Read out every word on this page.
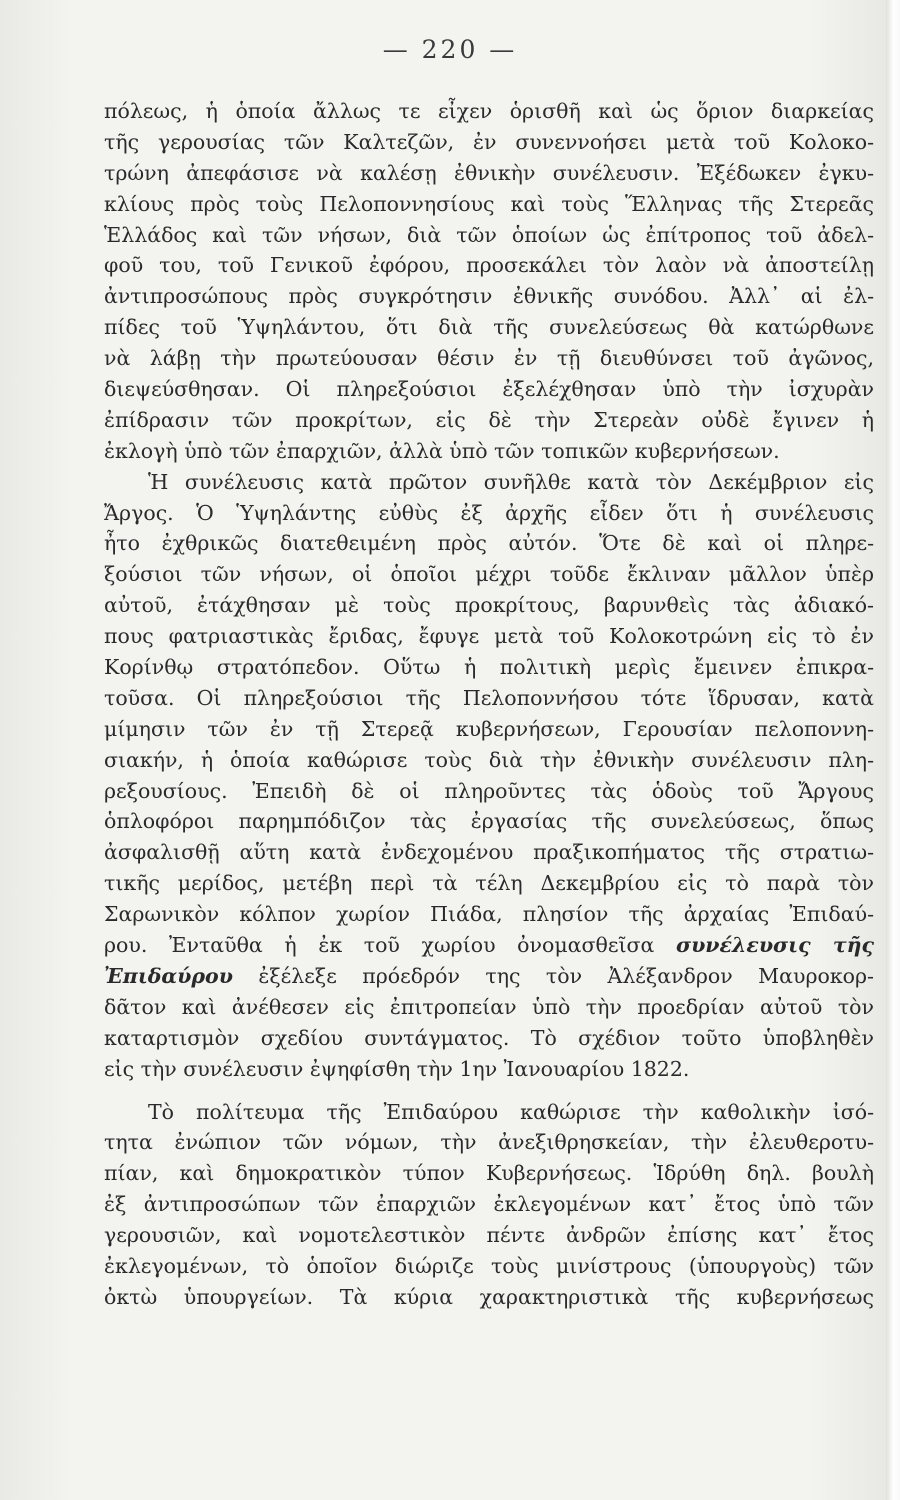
— 220 —
πόλεως, ἡ ὁποία ἄλλως τε εἶχεν ὁρισθῆ καὶ ὡς ὅριον διαρκείας
τῆς γερουσίας τῶν Καλτεζῶν, ἐν συνεννοήσει μετὰ τοῦ Κολοκο-
τρώνη ἀπεφάσισε νὰ καλέσῃ ἐθνικὴν συνέλευσιν. Ἐξέδωκεν ἐγκυ-
κλίους πρὸς τοὺς Πελοποννησίους καὶ τοὺς Ἕλληνας τῆς Στερεᾶς
Ἑλλάδος καὶ τῶν νήσων, διὰ τῶν ὁποίων ὡς ἐπίτροπος τοῦ ἀδελ-
φοῦ του, τοῦ Γενικοῦ ἐφόρου, προσεκάλει τὸν λαὸν νὰ ἀποστείλῃ
ἀντιπροσώπους πρὸς συγκρότησιν ἐθνικῆς συνόδου. Ἀλλ᾽ αἱ ἐλ-
πίδες τοῦ Ὑψηλάντου, ὅτι διὰ τῆς συνελεύσεως θὰ κατώρθωνε
νὰ λάβῃ τὴν πρωτεύουσαν θέσιν ἐν τῇ διευθύνσει τοῦ ἀγῶνος,
διεψεύσθησαν. Οἱ πληρεξούσιοι ἐξελέχθησαν ὑπὸ τὴν ἰσχυρὰν
ἐπίδρασιν τῶν προκρίτων, εἰς δὲ τὴν Στερεὰν οὐδὲ ἔγινεν ἡ
ἐκλογὴ ὑπὸ τῶν ἐπαρχιῶν, ἀλλὰ ὑπὸ τῶν τοπικῶν κυβερνήσεων.
Ἡ συνέλευσις κατὰ πρῶτον συνῆλθε κατὰ τὸν Δεκέμβριον εἰς
Ἄργος. Ὁ Ὑψηλάντης εὐθὺς ἐξ ἀρχῆς εἶδεν ὅτι ἡ συνέλευσις
ἦτο ἐχθρικῶς διατεθειμένη πρὸς αὐτόν. Ὅτε δὲ καὶ οἱ πληρε-
ξούσιοι τῶν νήσων, οἱ ὁποῖοι μέχρι τοῦδε ἔκλιναν μᾶλλον ὑπὲρ
αὐτοῦ, ἐτάχθησαν μὲ τοὺς προκρίτους, βαρυνθεὶς τὰς ἀδιακό-
πους φατριαστικὰς ἔριδας, ἔφυγε μετὰ τοῦ Κολοκοτρώνη εἰς τὸ ἐν
Κορίνθῳ στρατόπεδον. Οὕτω ἡ πολιτικὴ μερὶς ἔμεινεν ἐπικρα-
τοῦσα. Οἱ πληρεξούσιοι τῆς Πελοποννήσου τότε ἵδρυσαν, κατὰ
μίμησιν τῶν ἐν τῇ Στερεᾷ κυβερνήσεων, Γερουσίαν πελοποννη-
σιακήν, ἡ ὁποία καθώρισε τοὺς διὰ τὴν ἐθνικὴν συνέλευσιν πλη-
ρεξουσίους. Ἐπειδὴ δὲ οἱ πληροῦντες τὰς ὁδοὺς τοῦ Ἄργους
ὁπλοφόροι παρημπόδιζον τὰς ἐργασίας τῆς συνελεύσεως, ὅπως
ἀσφαλισθῇ αὕτη κατὰ ἐνδεχομένου πραξικοπήματος τῆς στρατιω-
τικῆς μερίδος, μετέβη περὶ τὰ τέλη Δεκεμβρίου εἰς τὸ παρὰ τὸν
Σαρωνικὸν κόλπον χωρίον Πιάδα, πλησίον τῆς ἀρχαίας Ἐπιδαύ-
ρου. Ἐνταῦθα ἡ ἐκ τοῦ χωρίου ὀνομασθεῖσα συνέλευσις τῆς
Ἐπιδαύρου ἐξέλεξε πρόεδρόν της τὸν Ἀλέξανδρον Μαυροκορ-
δᾶτον καὶ ἀνέθεσεν εἰς ἐπιτροπείαν ὑπὸ τὴν προεδρίαν αὐτοῦ τὸν
καταρτισμὸν σχεδίου συντάγματος. Τὸ σχέδιον τοῦτο ὑποβληθὲν
εἰς τὴν συνέλευσιν ἐψηφίσθη τὴν 1ην Ἰανουαρίου 1822.
Τὸ πολίτευμα τῆς Ἐπιδαύρου καθώρισε τὴν καθολικὴν ἰσό-
τητα ἐνώπιον τῶν νόμων, τὴν ἀνεξιθρησκείαν, τὴν ἐλευθεροτυ-
πίαν, καὶ δημοκρατικὸν τύπον Κυβερνήσεως. Ἱδρύθη δηλ. βουλὴ
ἐξ ἀντιπροσώπων τῶν ἐπαρχιῶν ἐκλεγομένων κατ᾽ ἔτος ὑπὸ τῶν
γερουσιῶν, καὶ νομοτελεστικὸν πέντε ἀνδρῶν ἐπίσης κατ᾽ ἔτος
ἐκλεγομένων, τὸ ὁποῖον διώριζε τοὺς μινίστρους (ὑπουργοὺς) τῶν
ὀκτὼ ὑπουργείων. Τὰ κύρια χαρακτηριστικὰ τῆς κυβερνήσεως
